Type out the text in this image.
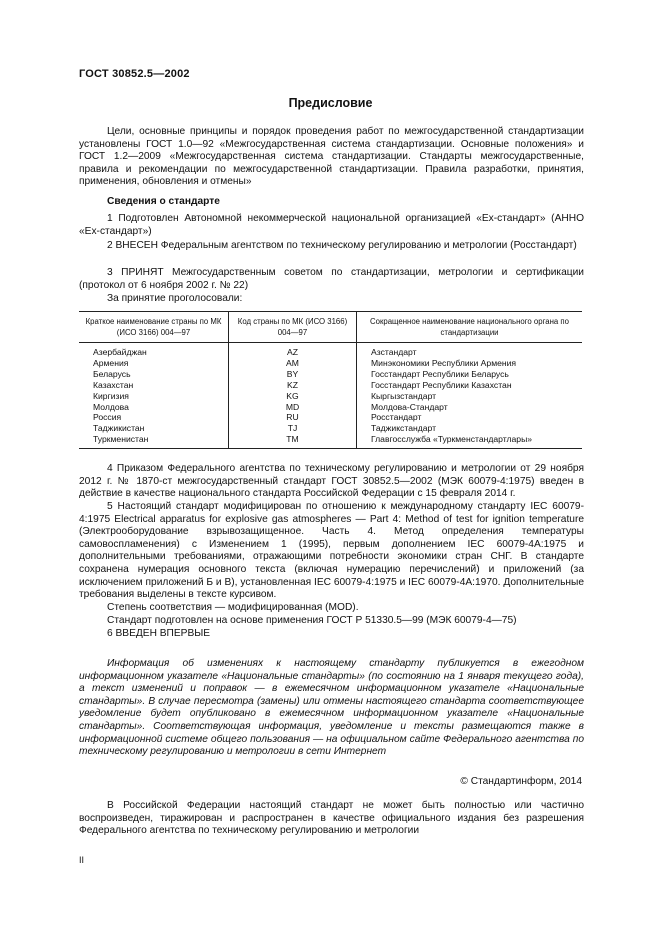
ГОСТ 30852.5—2002
Предисловие
Цели, основные принципы и порядок проведения работ по межгосударственной стандартизации установлены ГОСТ 1.0—92 «Межгосударственная система стандартизации. Основные положения» и ГОСТ 1.2—2009 «Межгосударственная система стандартизации. Стандарты межгосударственные, правила и рекомендации по межгосударственной стандартизации. Правила разработки, принятия, применения, обновления и отмены»
Сведения о стандарте
1 Подготовлен Автономной некоммерческой национальной организацией «Ех-стандарт» (АННО «Ех-стандарт»)
2 ВНЕСЕН Федеральным агентством по техническому регулированию и метрологии (Росстандарт)
3 ПРИНЯТ Межгосударственным советом по стандартизации, метрологии и сертификации (протокол от 6 ноября 2002 г. № 22)
За принятие проголосовали:
Краткое наименование страны по МК (ИСО 3166) 004—97	Код страны по МК (ИСО 3166) 004—97	Сокращенное наименование национального органа по стандартизации
Азербайджан	AZ	Азстандарт
Армения	AM	Минэкономики Республики Армения
Беларусь	BY	Госстандарт Республики Беларусь
Казахстан	KZ	Госстандарт Республики Казахстан
Киргизия	KG	Кыргызстандарт
Молдова	MD	Молдова-Стандарт
Россия	RU	Росстандарт
Таджикистан	TJ	Таджикстандарт
Туркменистан	TM	Главгосслужба «Туркменстандартлары»
4 Приказом Федерального агентства по техническому регулированию и метрологии от 29 ноября 2012 г. № 1870-ст межгосударственный стандарт ГОСТ 30852.5—2002 (МЭК 60079-4:1975) введен в действие в качестве национального стандарта Российской Федерации с 15 февраля 2014 г.
5 Настоящий стандарт модифицирован по отношению к международному стандарту IEC 60079-4:1975 Electrical apparatus for explosive gas atmospheres — Part 4: Method of test for ignition temperature (Электрооборудование взрывозащищенное. Часть 4. Метод определения температуры самовоспламенения) с Изменением 1 (1995), первым дополнением IEC 60079-4A:1975 и дополнительными требованиями, отражающими потребности экономики стран СНГ. В стандарте сохранена нумерация основного текста (включая нумерацию перечислений) и приложений (за исключением приложений Б и В), установленная IEC 60079-4:1975 и IEC 60079-4A:1970. Дополнительные требования выделены в тексте курсивом.
Степень соответствия — модифицированная (MOD).
Стандарт подготовлен на основе применения ГОСТ Р 51330.5—99 (МЭК 60079-4—75)
6 ВВЕДЕН ВПЕРВЫЕ
Информация об изменениях к настоящему стандарту публикуется в ежегодном информационном указателе «Национальные стандарты» (по состоянию на 1 января текущего года), а текст изменений и поправок — в ежемесячном информационном указателе «Национальные стандарты». В случае пересмотра (замены) или отмены настоящего стандарта соответствующее уведомление будет опубликовано в ежемесячном информационном указателе «Национальные стандарты». Соответствующая информация, уведомление и тексты размещаются также в информационной системе общего пользования — на официальном сайте Федерального агентства по техническому регулированию и метрологии в сети Интернет
© Стандартинформ, 2014
В Российской Федерации настоящий стандарт не может быть полностью или частично воспроизведен, тиражирован и распространен в качестве официального издания без разрешения Федерального агентства по техническому регулированию и метрологии
II
